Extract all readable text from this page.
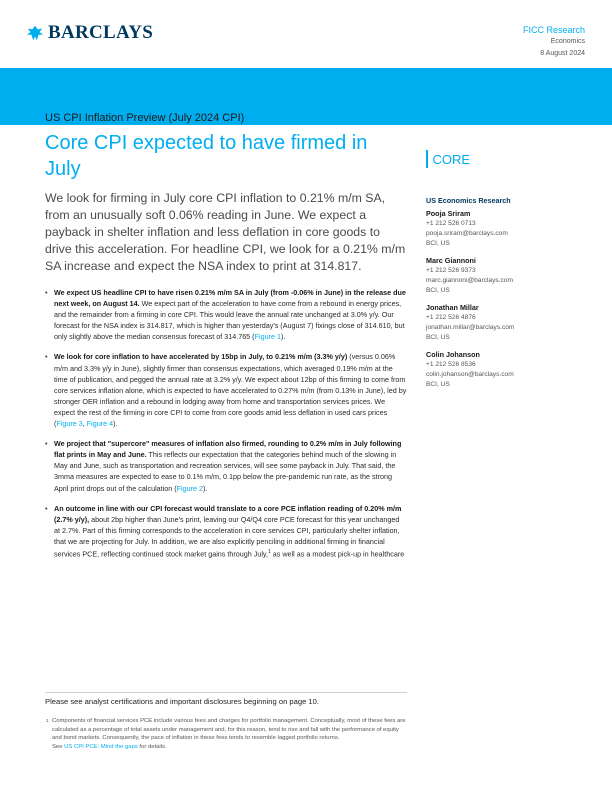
BARCLAYS	FICC Research
Economics
8 August 2024
US CPI Inflation Preview (July 2024 CPI)
Core CPI expected to have firmed in July

We look for firming in July core CPI inflation to 0.21% m/m SA, from an unusually soft 0.06% reading in June. We expect a payback in shelter inflation and less deflation in core goods to drive this acceleration. For headline CPI, we look for a 0.21% m/m SA increase and expect the NSA index to print at 314.817.

• We expect US headline CPI to have risen 0.21% m/m SA in July (from -0.06% in June) in the release due next week, on August 14. We expect part of the acceleration to have come from a rebound in energy prices, and the remainder from a firming in core CPI. This would leave the annual rate unchanged at 3.0% y/y. Our forecast for the NSA index is 314.817, which is higher than yesterday's (August 7) fixings close of 314.610, but only slightly above the median consensus forecast of 314.765 (Figure 1).
• We look for core inflation to have accelerated by 15bp in July, to 0.21% m/m (3.3% y/y) (versus 0.06% m/m and 3.3% y/y in June), slightly firmer than consensus expectations, which averaged 0.19% m/m at the time of publication, and pegged the annual rate at 3.2% y/y. We expect about 12bp of this firming to come from core services inflation alone, which is expected to have accelerated to 0.27% m/m (from 0.13% in June), led by stronger OER inflation and a rebound in lodging away from home and transportation services prices. We expect the rest of the firming in core CPI to come from core goods amid less deflation in used cars prices (Figure 3, Figure 4).
• We project that "supercore" measures of inflation also firmed, rounding to 0.2% m/m in July following flat prints in May and June. This reflects our expectation that the categories behind much of the slowing in May and June, such as transportation and recreation services, will see some payback in July. That said, the 3mma measures are expected to ease to 0.1% m/m, 0.1pp below the pre-pandemic run rate, as the strong April print drops out of the calculation (Figure 2).
• An outcome in line with our CPI forecast would translate to a core PCE inflation reading of 0.20% m/m (2.7% y/y), about 2bp higher than June's print, leaving our Q4/Q4 core PCE forecast for this year unchanged at 2.7%. Part of this firming corresponds to the acceleration in core services CPI, particularly shelter inflation, that we are projecting for July. In addition, we are also explicitly penciling in additional firming in financial services PCE, reflecting continued stock market gains through July,$^1$ as well as a modest pick-up in healthcare
Please see analyst certifications and important disclosures beginning on page 10.
1 Components of financial services PCE include various fees and charges for portfolio management. Conceptually, most of these fees are calculated as a percentage of total assets under management and, for this reason, tend to rise and fall with the performance of equity and bond markets. Consequently, the pace of inflation in these fees tends to resemble lagged portfolio returns.
See US CPI PCE: Mind the gaps for details.
CORE
US Economics Research
Pooja Sriram
+1 212 526 0713
pooja.sriram@barclays.com
BCI, US
Marc Giannoni
+1 212 526 9373
marc.giannoni@barclays.com
BCI, US
Jonathan Millar
+1 212 526 4876
jonathan.millar@barclays.com
BCI, US
Colin Johanson
+1 212 526 8536
colin.johanson@barclays.com
BCI, US
